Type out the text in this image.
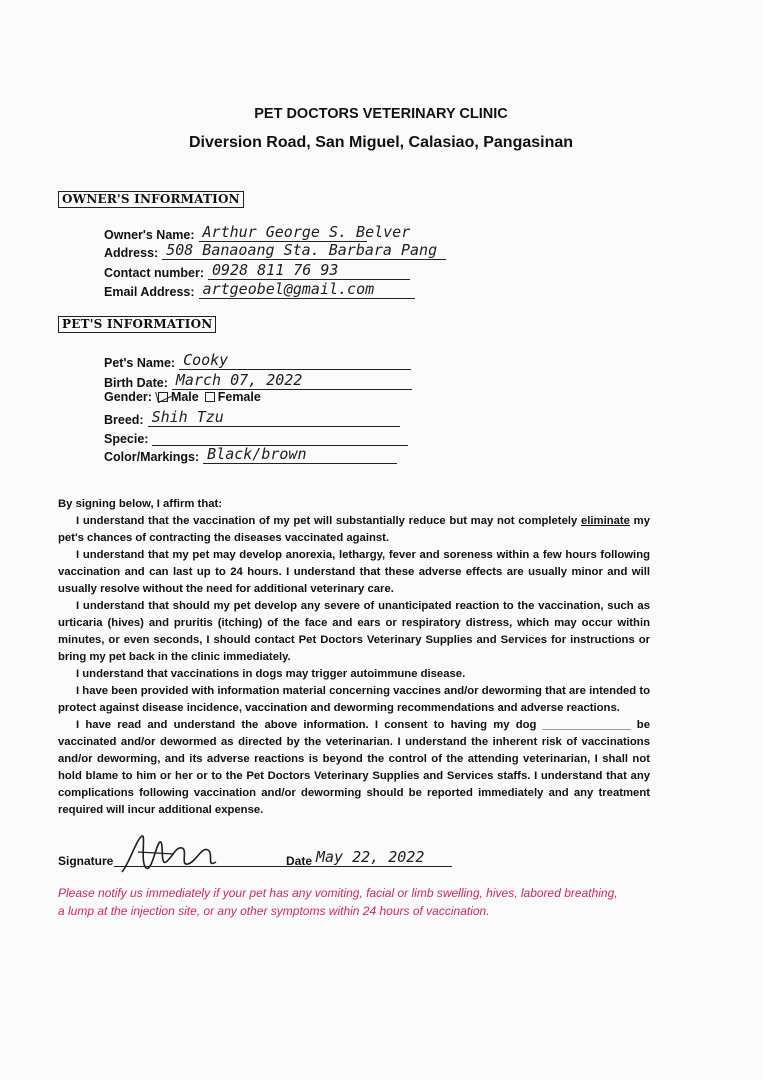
PET DOCTORS VETERINARY CLINIC
Diversion Road, San Miguel, Calasiao, Pangasinan
OWNER'S INFORMATION
Owner's Name: Arthur George S. Belver
Address: 508 Banaoang Sta. Barbara Pang
Contact number: 0928 811 76 93
Email Address: artgeobel@gmail.com
PET'S INFORMATION
Pet's Name: Cooky
Birth Date: March 07, 2022
Gender: Male Female
Breed: Shih Tzu
Specie:
Color/Markings: Black/brown

By signing below, I affirm that:

I understand that the vaccination of my pet will substantially reduce but may not completely eliminate my pet's chances of contracting the diseases vaccinated against.

I understand that my pet may develop anorexia, lethargy, fever and soreness within a few hours following vaccination and can last up to 24 hours. I understand that these adverse effects are usually minor and will usually resolve without the need for additional veterinary care.

I understand that should my pet develop any severe of unanticipated reaction to the vaccination, such as urticaria (hives) and pruritis (itching) of the face and ears or respiratory distress, which may occur within minutes, or even seconds, I should contact Pet Doctors Veterinary Supplies and Services for instructions or bring my pet back in the clinic immediately.

I understand that vaccinations in dogs may trigger autoimmune disease.

I have been provided with information material concerning vaccines and/or deworming that are intended to protect against disease incidence, vaccination and deworming recommendations and adverse reactions.

I have read and understand the above information. I consent to having my dog ______________ be vaccinated and/or dewormed as directed by the veterinarian. I understand the inherent risk of vaccinations and/or deworming, and its adverse reactions is beyond the control of the attending veterinarian, I shall not hold blame to him or her or to the Pet Doctors Veterinary Supplies and Services staffs. I understand that any complications following vaccination and/or deworming should be reported immediately and any treatment required will incur additional expense.

Signature	Date May 22, 2022
Please notify us immediately if your pet has any vomiting, facial or limb swelling, hives, labored breathing, a lump at the injection site, or any other symptoms within 24 hours of vaccination.
